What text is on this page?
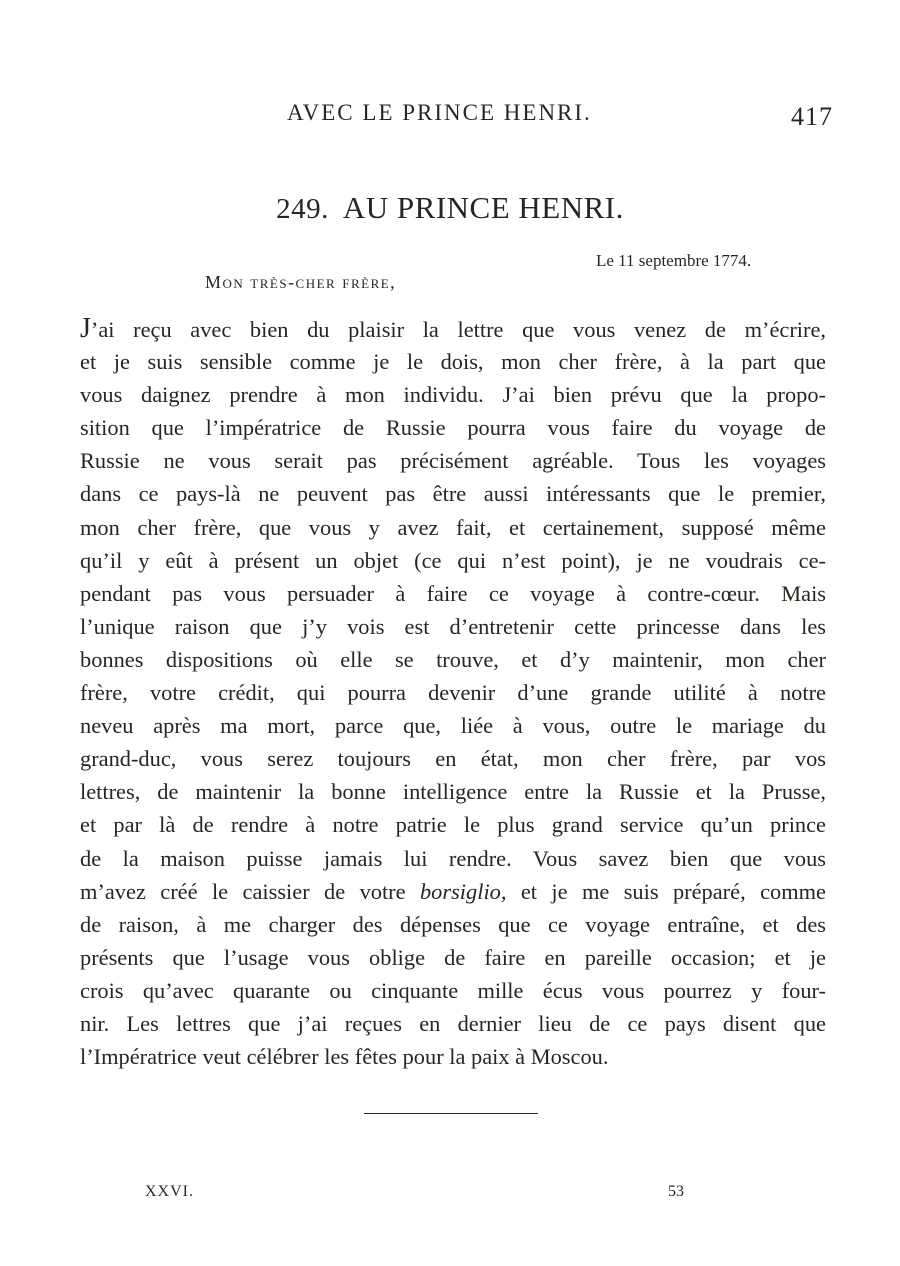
AVEC LE PRINCE HENRI.	417
249. AU PRINCE HENRI.
Le 11 septembre 1774.
Mon très-cher frère,
J’ai reçu avec bien du plaisir la lettre que vous venez de m’écrire,
et je suis sensible comme je le dois, mon cher frère, à la part que
vous daignez prendre à mon individu. J’ai bien prévu que la propo-
sition que l’impératrice de Russie pourra vous faire du voyage de
Russie ne vous serait pas précisément agréable. Tous les voyages
dans ce pays-là ne peuvent pas être aussi intéressants que le premier,
mon cher frère, que vous y avez fait, et certainement, supposé même
qu’il y eût à présent un objet (ce qui n’est point), je ne voudrais ce-
pendant pas vous persuader à faire ce voyage à contre-cœur. Mais
l’unique raison que j’y vois est d’entretenir cette princesse dans les
bonnes dispositions où elle se trouve, et d’y maintenir, mon cher
frère, votre crédit, qui pourra devenir d’une grande utilité à notre
neveu après ma mort, parce que, liée à vous, outre le mariage du
grand-duc, vous serez toujours en état, mon cher frère, par vos
lettres, de maintenir la bonne intelligence entre la Russie et la Prusse,
et par là de rendre à notre patrie le plus grand service qu’un prince
de la maison puisse jamais lui rendre. Vous savez bien que vous
m’avez créé le caissier de votre borsiglio, et je me suis préparé, comme
de raison, à me charger des dépenses que ce voyage entraîne, et des
présents que l’usage vous oblige de faire en pareille occasion; et je
crois qu’avec quarante ou cinquante mille écus vous pourrez y four-
nir. Les lettres que j’ai reçues en dernier lieu de ce pays disent que
l’Impératrice veut célébrer les fêtes pour la paix à Moscou.
XXVI.	53
